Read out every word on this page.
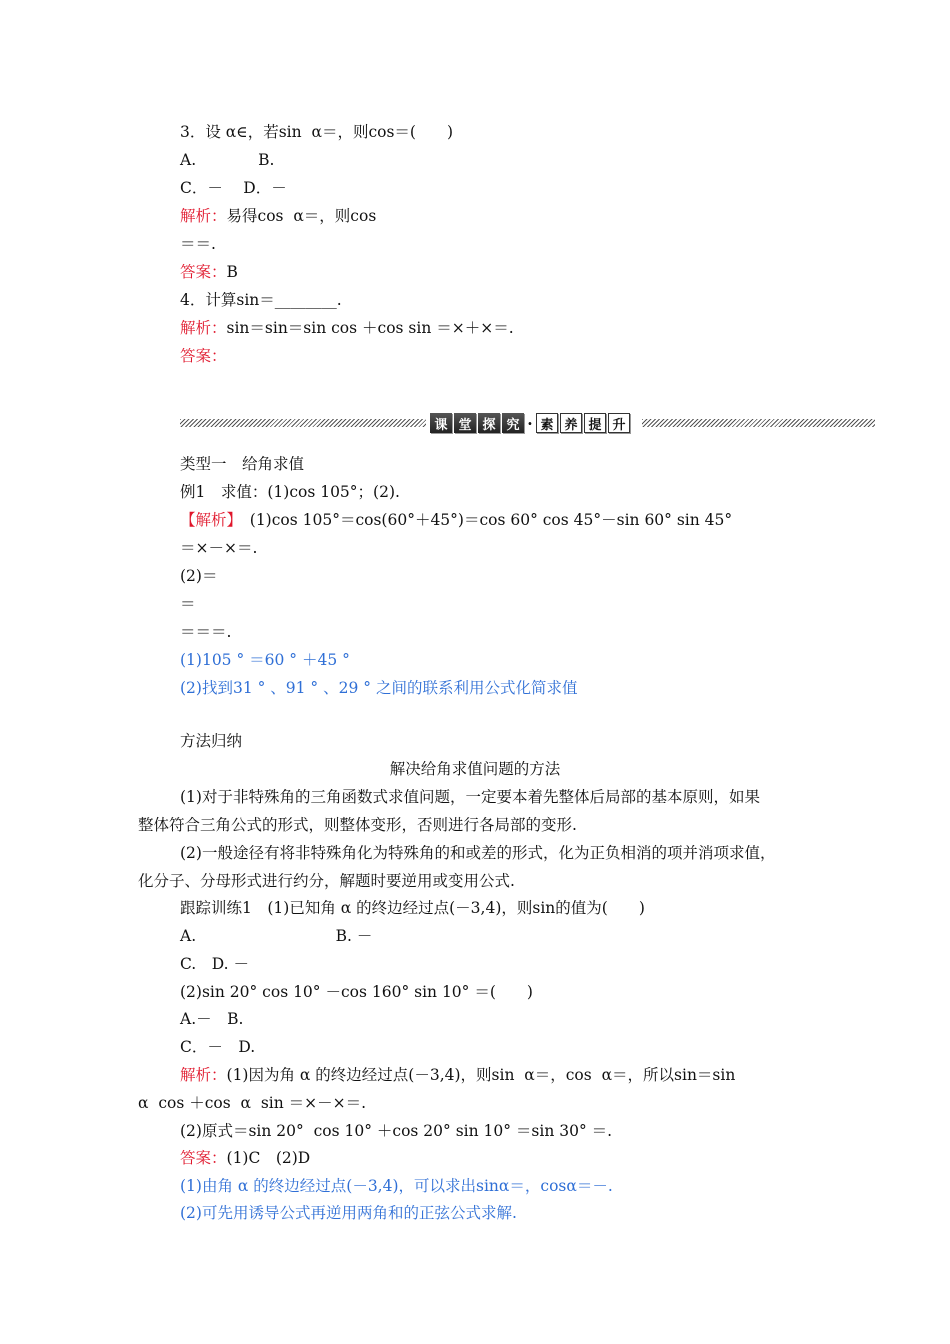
3．设 α∈，若sin  α＝，则cos＝(　　)
A.　　　　B.
C．－　 D．－
解析：易得cos  α＝，则cos
＝＝.
答案：B
4．计算sin＝________.
解析：sin＝sin＝sin cos ＋cos sin ＝×＋×＝.
答案：
课 堂 探 究 · 素 养 提 升
类型一　给角求值
例1　求值：(1)cos 105°；(2).
【解析】　(1)cos 105°＝cos(60°＋45°)＝cos 60° cos 45°－sin 60° sin 45°
＝×－×＝.
(2)＝
＝
＝＝＝.
(1)105 ° ＝60 ° ＋45 °
(2)找到31 ° 、91 ° 、29 ° 之间的联系利用公式化简求值
方法归纳
解决给角求值问题的方法
(1)对于非特殊角的三角函数式求值问题，一定要本着先整体后局部的基本原则，如果
整体符合三角公式的形式，则整体变形，否则进行各局部的变形.
(2)一般途径有将非特殊角化为特殊角的和或差的形式，化为正负相消的项并消项求值，
化分子、分母形式进行约分，解题时要逆用或变用公式.
跟踪训练1　(1)已知角 α 的终边经过点(－3,4)，则sin的值为(　　)
A.　　　　　　　　　B. －
C.　D. －
(2)sin 20° cos 10° －cos 160° sin 10° ＝(　　)
A.－　B.
C．－　D.
解析：(1)因为角 α 的终边经过点(－3,4)，则sin  α＝，cos  α＝，所以sin＝sin
α  cos ＋cos  α  sin ＝×－×＝.
(2)原式＝sin 20°  cos 10° ＋cos 20° sin 10° ＝sin 30° ＝.
答案：(1)C　(2)D
(1)由角 α 的终边经过点(－3,4)，可以求出sinα＝，cosα＝－.
(2)可先用诱导公式再逆用两角和的正弦公式求解.
